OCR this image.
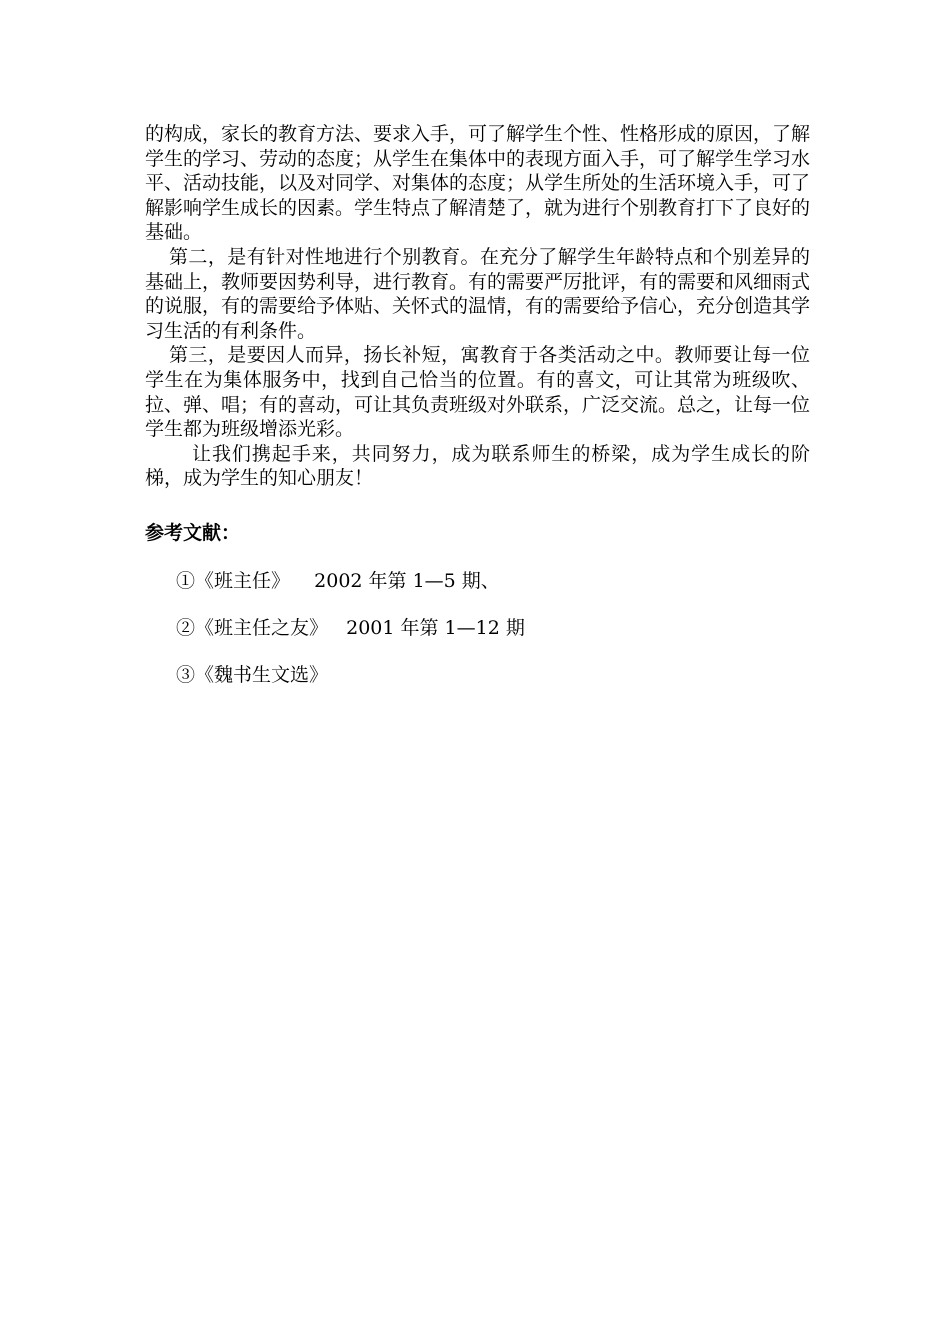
的构成，家长的教育方法、要求入手，可了解学生个性、性格形成的原因，了解学生的学习、劳动的态度；从学生在集体中的表现方面入手，可了解学生学习水平、活动技能，以及对同学、对集体的态度；从学生所处的生活环境入手，可了解影响学生成长的因素。学生特点了解清楚了，就为进行个别教育打下了良好的基础。

第二，是有针对性地进行个别教育。在充分了解学生年龄特点和个别差异的基础上，教师要因势利导，进行教育。有的需要严厉批评，有的需要和风细雨式的说服，有的需要给予体贴、关怀式的温情，有的需要给予信心，充分创造其学习生活的有利条件。

第三，是要因人而异，扬长补短，寓教育于各类活动之中。教师要让每一位学生在为集体服务中，找到自己恰当的位置。有的喜文，可让其常为班级吹、拉、弹、唱；有的喜动，可让其负责班级对外联系，广泛交流。总之，让每一位学生都为班级增添光彩。

让我们携起手来，共同努力，成为联系师生的桥梁，成为学生成长的阶梯，成为学生的知心朋友！

参考文献：

①《班主任》    2002 年第 1—5 期、

②《班主任之友》   2001 年第 1—12 期

③《魏书生文选》
